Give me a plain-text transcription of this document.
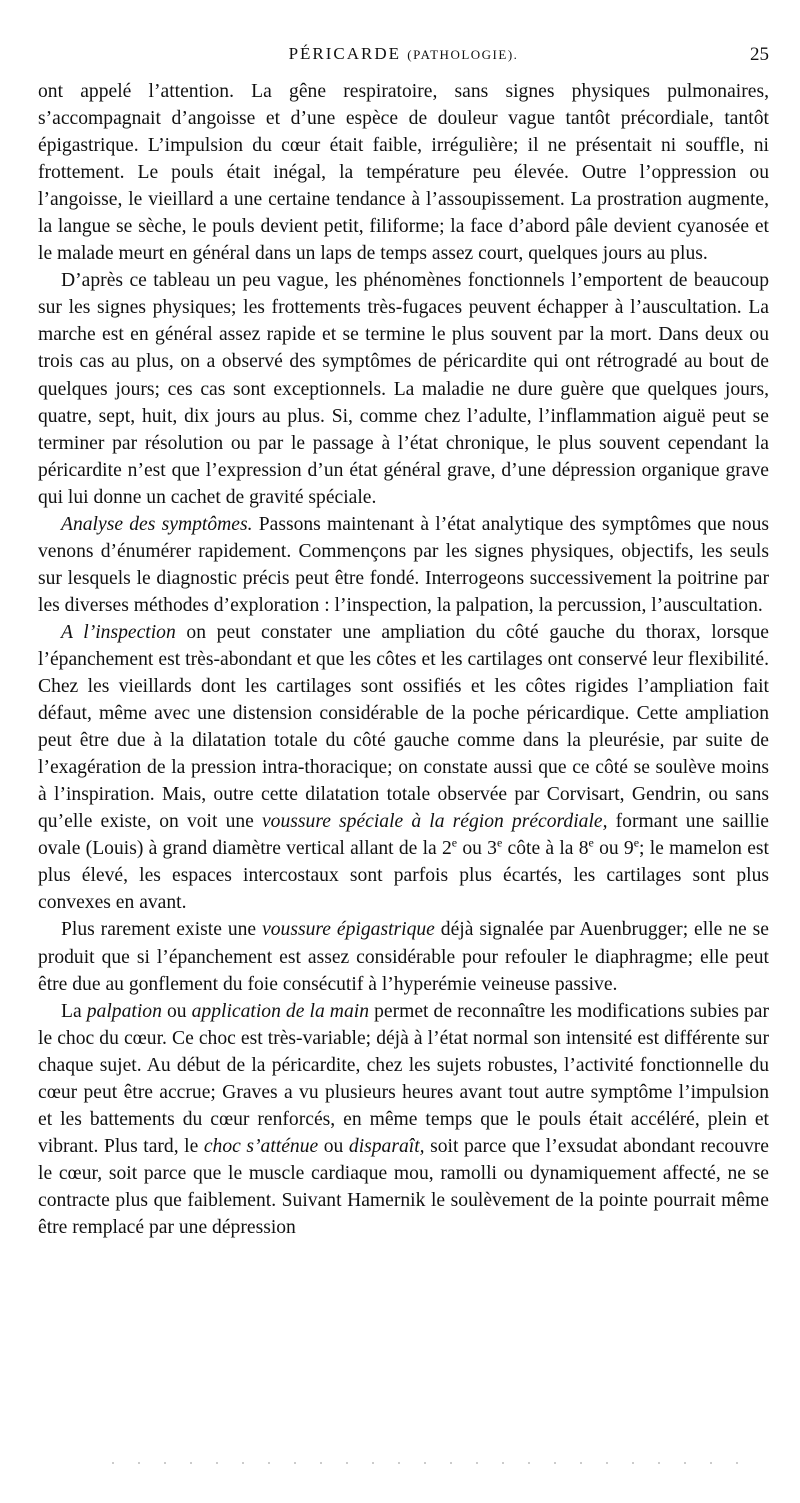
PÉRICARDE (PATHOLOGIE).	25

ont appelé l’attention. La gêne respiratoire, sans signes physiques pulmonaires, s’accompagnait d’angoisse et d’une espèce de douleur vague tantôt précordiale, tantôt épigastrique. L’impulsion du cœur était faible, irrégulière; il ne présentait ni souffle, ni frottement. Le pouls était inégal, la température peu élevée. Outre l’oppression ou l’angoisse, le vieillard a une certaine tendance à l’assoupissement. La prostration augmente, la langue se sèche, le pouls devient petit, filiforme; la face d’abord pâle devient cyanosée et le malade meurt en général dans un laps de temps assez court, quelques jours au plus.

D’après ce tableau un peu vague, les phénomènes fonctionnels l’emportent de beaucoup sur les signes physiques; les frottements très-fugaces peuvent échapper à l’auscultation. La marche est en général assez rapide et se termine le plus souvent par la mort. Dans deux ou trois cas au plus, on a observé des symptômes de péricardite qui ont rétrogradé au bout de quelques jours; ces cas sont exceptionnels. La maladie ne dure guère que quelques jours, quatre, sept, huit, dix jours au plus. Si, comme chez l’adulte, l’inflammation aiguë peut se terminer par résolution ou par le passage à l’état chronique, le plus souvent cependant la péricardite n’est que l’expression d’un état général grave, d’une dépression organique grave qui lui donne un cachet de gravité spéciale.

Analyse des symptômes. Passons maintenant à l’état analytique des symptômes que nous venons d’énumérer rapidement. Commençons par les signes physiques, objectifs, les seuls sur lesquels le diagnostic précis peut être fondé. Interrogeons successivement la poitrine par les diverses méthodes d’exploration : l’inspection, la palpation, la percussion, l’auscultation.

A l’inspection on peut constater une ampliation du côté gauche du thorax, lorsque l’épanchement est très-abondant et que les côtes et les cartilages ont conservé leur flexibilité. Chez les vieillards dont les cartilages sont ossifiés et les côtes rigides l’ampliation fait défaut, même avec une distension considérable de la poche péricardique. Cette ampliation peut être due à la dilatation totale du côté gauche comme dans la pleurésie, par suite de l’exagération de la pression intra-thoracique; on constate aussi que ce côté se soulève moins à l’inspiration. Mais, outre cette dilatation totale observée par Corvisart, Gendrin, ou sans qu’elle existe, on voit une voussure spéciale à la région précordiale, formant une saillie ovale (Louis) à grand diamètre vertical allant de la 2e ou 3e côte à la 8e ou 9e; le mamelon est plus élevé, les espaces intercostaux sont parfois plus écartés, les cartilages sont plus convexes en avant.

Plus rarement existe une voussure épigastrique déjà signalée par Auenbrugger; elle ne se produit que si l’épanchement est assez considérable pour refouler le diaphragme; elle peut être due au gonflement du foie consécutif à l’hyperémie veineuse passive.

La palpation ou application de la main permet de reconnaître les modifications subies par le choc du cœur. Ce choc est très-variable; déjà à l’état normal son intensité est différente sur chaque sujet. Au début de la péricardite, chez les sujets robustes, l’activité fonctionnelle du cœur peut être accrue; Graves a vu plusieurs heures avant tout autre symptôme l’impulsion et les battements du cœur renforcés, en même temps que le pouls était accéléré, plein et vibrant. Plus tard, le choc s’atténue ou disparaît, soit parce que l’exsudat abondant recouvre le cœur, soit parce que le muscle cardiaque mou, ramolli ou dynamiquement affecté, ne se contracte plus que faiblement. Suivant Hamernik le soulèvement de la pointe pourrait même être remplacé par une dépression
